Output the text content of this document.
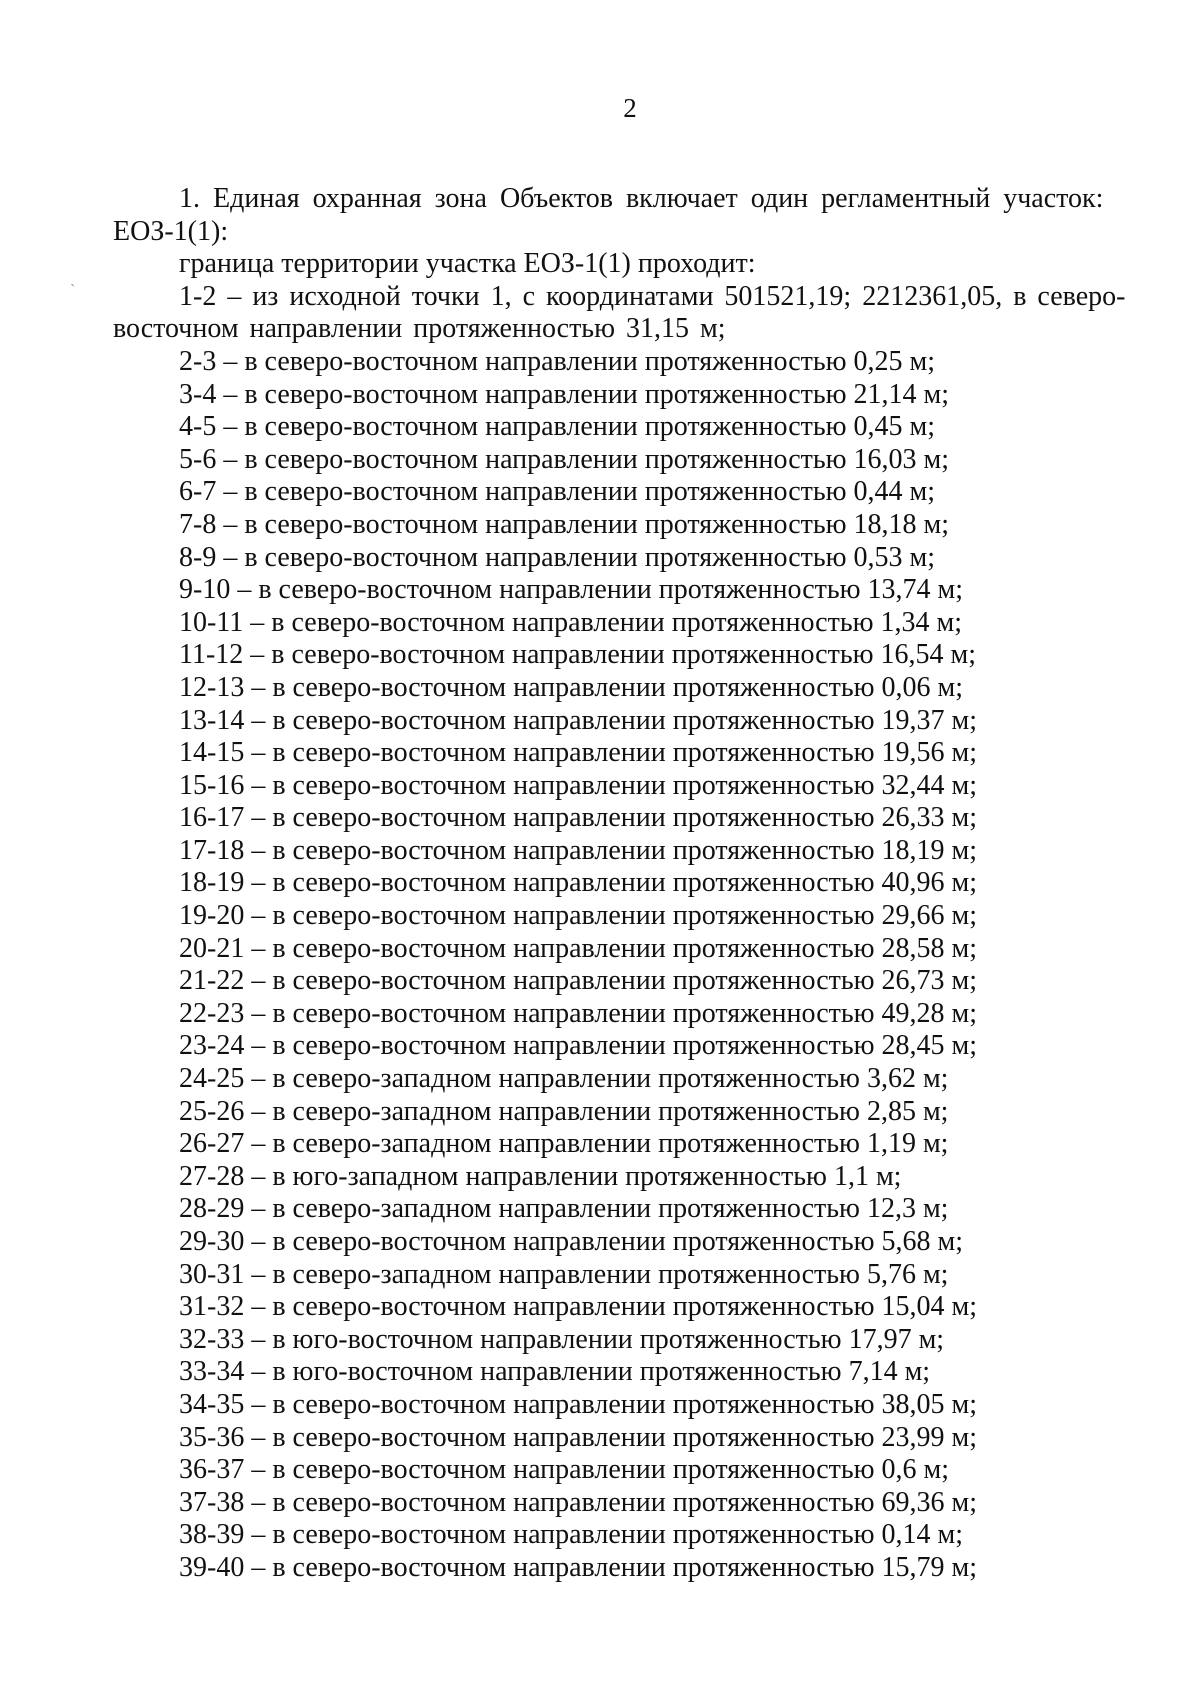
2
`

1. Единая охранная зона Объектов включает один регламентный участок:
ЕОЗ-1(1):

граница территории участка ЕОЗ-1(1) проходит:

1-2 – из исходной точки 1, с координатами 501521,19; 2212361,05, в северо-
восточном направлении протяженностью 31,15 м;

2-3 – в северо-восточном направлении протяженностью 0,25 м;
3-4 – в северо-восточном направлении протяженностью 21,14 м;
4-5 – в северо-восточном направлении протяженностью 0,45 м;
5-6 – в северо-восточном направлении протяженностью 16,03 м;
6-7 – в северо-восточном направлении протяженностью 0,44 м;
7-8 – в северо-восточном направлении протяженностью 18,18 м;
8-9 – в северо-восточном направлении протяженностью 0,53 м;
9-10 – в северо-восточном направлении протяженностью 13,74 м;
10-11 – в северо-восточном направлении протяженностью 1,34 м;
11-12 – в северо-восточном направлении протяженностью 16,54 м;
12-13 – в северо-восточном направлении протяженностью 0,06 м;
13-14 – в северо-восточном направлении протяженностью 19,37 м;
14-15 – в северо-восточном направлении протяженностью 19,56 м;
15-16 – в северо-восточном направлении протяженностью 32,44 м;
16-17 – в северо-восточном направлении протяженностью 26,33 м;
17-18 – в северо-восточном направлении протяженностью 18,19 м;
18-19 – в северо-восточном направлении протяженностью 40,96 м;
19-20 – в северо-восточном направлении протяженностью 29,66 м;
20-21 – в северо-восточном направлении протяженностью 28,58 м;
21-22 – в северо-восточном направлении протяженностью 26,73 м;
22-23 – в северо-восточном направлении протяженностью 49,28 м;
23-24 – в северо-восточном направлении протяженностью 28,45 м;
24-25 – в северо-западном направлении протяженностью 3,62 м;
25-26 – в северо-западном направлении протяженностью 2,85 м;
26-27 – в северо-западном направлении протяженностью 1,19 м;
27-28 – в юго-западном направлении протяженностью 1,1 м;
28-29 – в северо-западном направлении протяженностью 12,3 м;
29-30 – в северо-восточном направлении протяженностью 5,68 м;
30-31 – в северо-западном направлении протяженностью 5,76 м;
31-32 – в северо-восточном направлении протяженностью 15,04 м;
32-33 – в юго-восточном направлении протяженностью 17,97 м;
33-34 – в юго-восточном направлении протяженностью 7,14 м;
34-35 – в северо-восточном направлении протяженностью 38,05 м;
35-36 – в северо-восточном направлении протяженностью 23,99 м;
36-37 – в северо-восточном направлении протяженностью 0,6 м;
37-38 – в северо-восточном направлении протяженностью 69,36 м;
38-39 – в северо-восточном направлении протяженностью 0,14 м;
39-40 – в северо-восточном направлении протяженностью 15,79 м;
